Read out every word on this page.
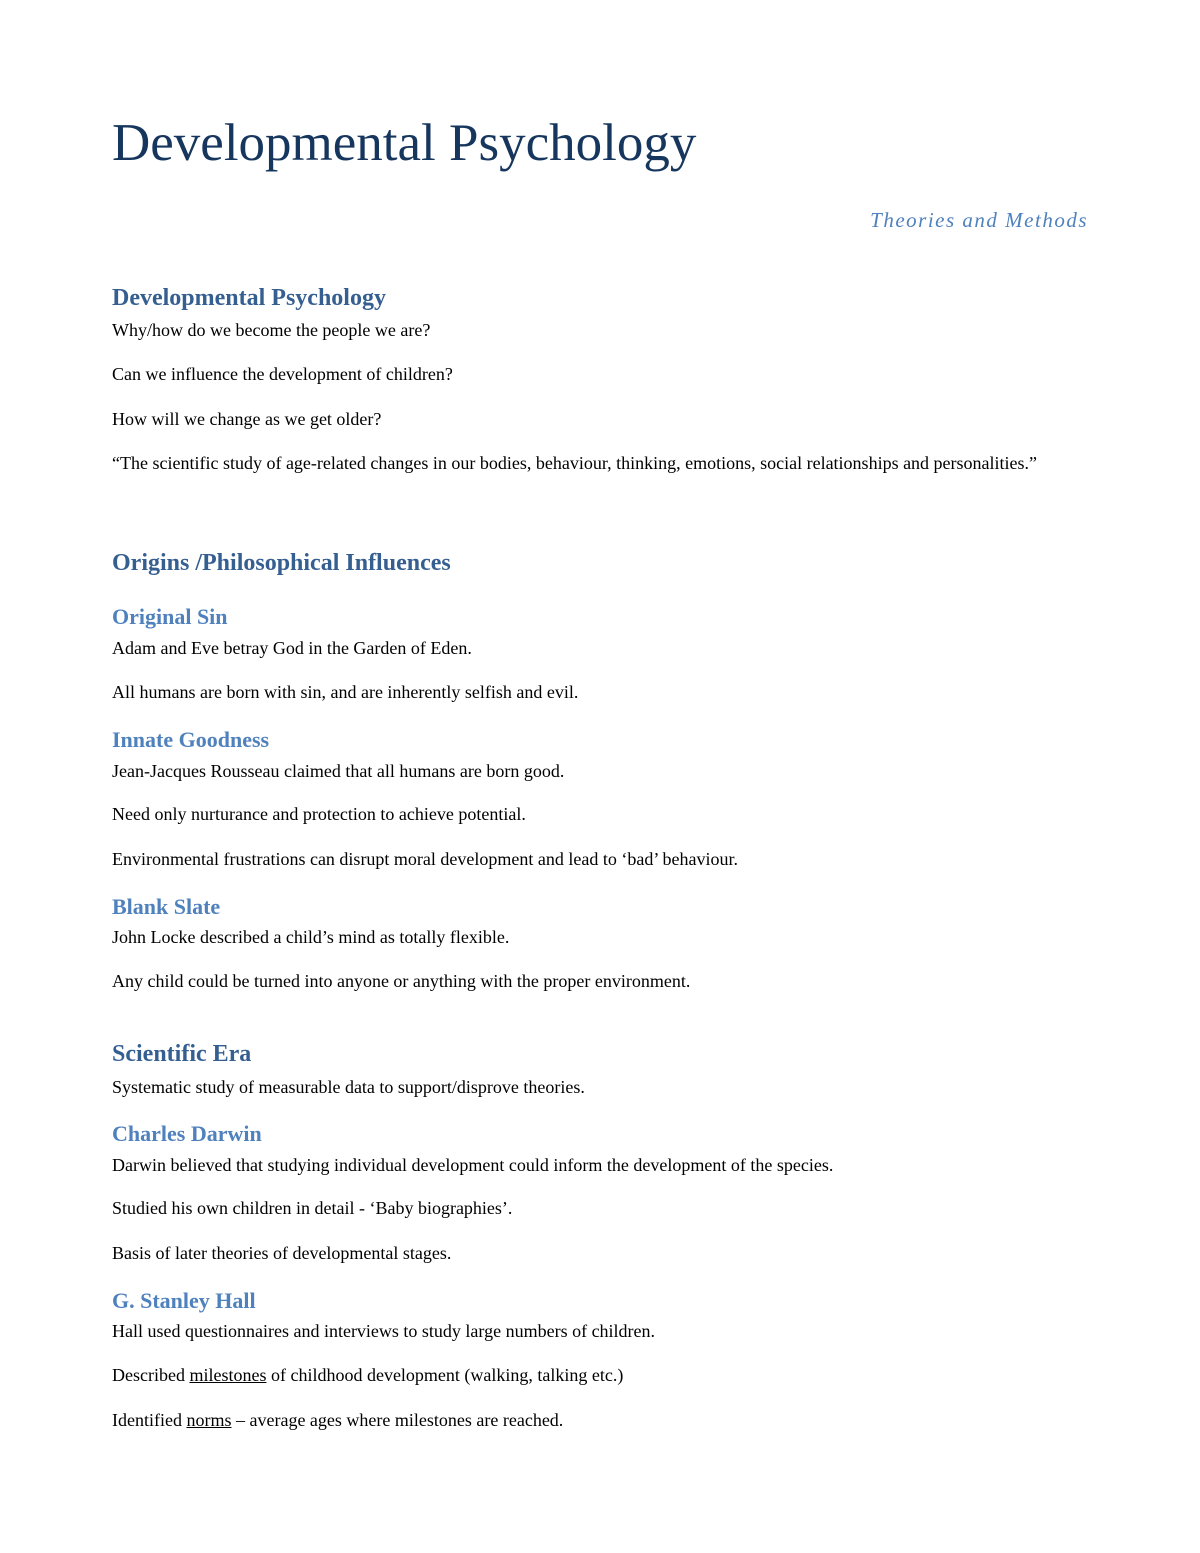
Developmental Psychology
Theories and Methods
Developmental Psychology
Why/how do we become the people we are?
Can we influence the development of children?
How will we change as we get older?
“The scientific study of age-related changes in our bodies, behaviour, thinking, emotions, social relationships and personalities.”
Origins /Philosophical Influences
Original Sin
Adam and Eve betray God in the Garden of Eden.
All humans are born with sin, and are inherently selfish and evil.
Innate Goodness
Jean-Jacques Rousseau claimed that all humans are born good.
Need only nurturance and protection to achieve potential.
Environmental frustrations can disrupt moral development and lead to ‘bad’ behaviour.
Blank Slate
John Locke described a child’s mind as totally flexible.
Any child could be turned into anyone or anything with the proper environment.
Scientific Era
Systematic study of measurable data to support/disprove theories.
Charles Darwin
Darwin believed that studying individual development could inform the development of the species.
Studied his own children in detail - ‘Baby biographies’.
Basis of later theories of developmental stages.
G. Stanley Hall
Hall used questionnaires and interviews to study large numbers of children.
Described milestones of childhood development (walking, talking etc.)
Identified norms – average ages where milestones are reached.
